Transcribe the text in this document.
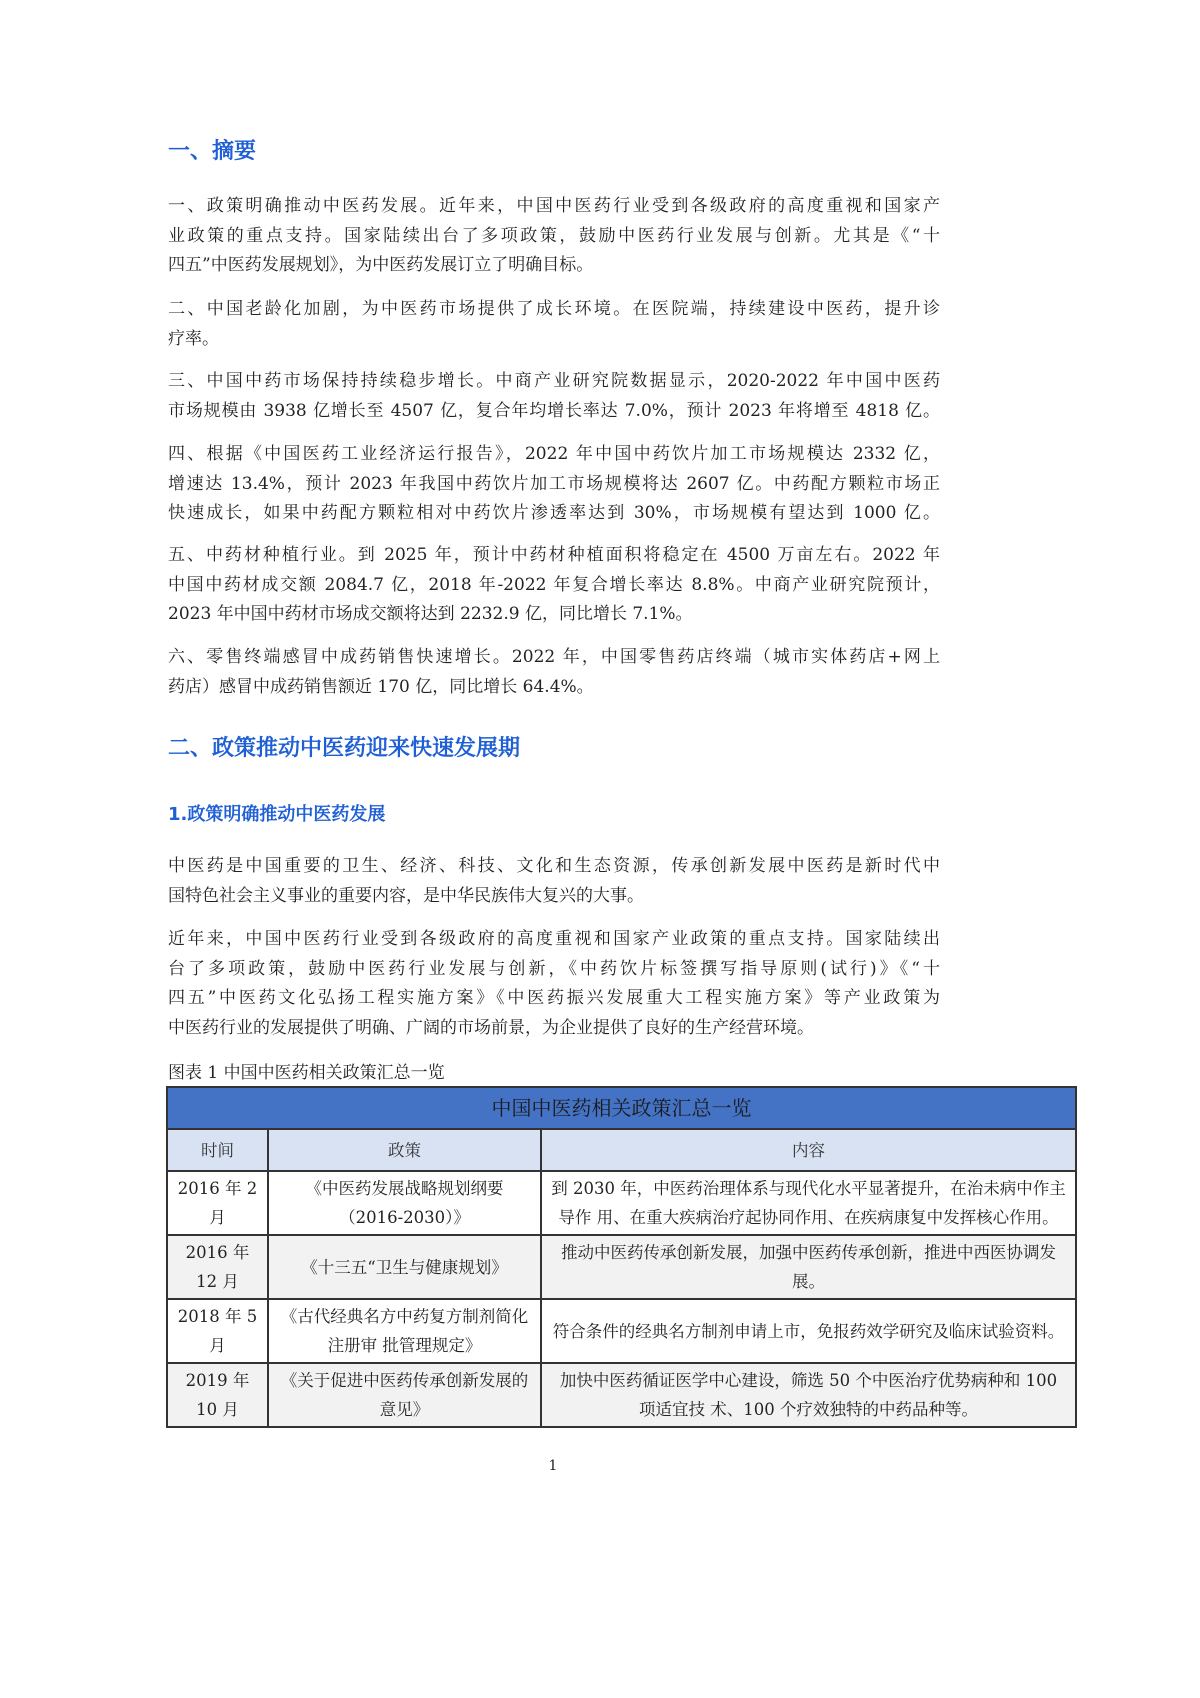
一、摘要
一、政策明确推动中医药发展。近年来，中国中医药行业受到各级政府的高度重视和国家产
业政策的重点支持。国家陆续出台了多项政策，鼓励中医药行业发展与创新。尤其是《“十
四五”中医药发展规划》，为中医药发展订立了明确目标。
二、中国老龄化加剧，为中医药市场提供了成长环境。在医院端，持续建设中医药，提升诊
疗率。
三、中国中药市场保持持续稳步增长。中商产业研究院数据显示，2020-2022 年中国中医药
市场规模由 3938 亿增长至 4507 亿，复合年均增长率达 7.0%，预计 2023 年将增至 4818 亿。
四、根据《中国医药工业经济运行报告》，2022 年中国中药饮片加工市场规模达 2332 亿，
增速达 13.4%，预计 2023 年我国中药饮片加工市场规模将达 2607 亿。中药配方颗粒市场正
快速成长，如果中药配方颗粒相对中药饮片渗透率达到 30%，市场规模有望达到 1000 亿。
五、中药材种植行业。到 2025 年，预计中药材种植面积将稳定在 4500 万亩左右。2022 年
中国中药材成交额 2084.7 亿，2018 年-2022 年复合增长率达 8.8%。中商产业研究院预计，
2023 年中国中药材市场成交额将达到 2232.9 亿，同比增长 7.1%。
六、零售终端感冒中成药销售快速增长。2022 年，中国零售药店终端（城市实体药店+网上
药店）感冒中成药销售额近 170 亿，同比增长 64.4%。
二、政策推动中医药迎来快速发展期
1.政策明确推动中医药发展
中医药是中国重要的卫生、经济、科技、文化和生态资源，传承创新发展中医药是新时代中
国特色社会主义事业的重要内容，是中华民族伟大复兴的大事。
近年来，中国中医药行业受到各级政府的高度重视和国家产业政策的重点支持。国家陆续出
台了多项政策，鼓励中医药行业发展与创新，《中药饮片标签撰写指导原则(试行)》《“十
四五”中医药文化弘扬工程实施方案》《中医药振兴发展重大工程实施方案》等产业政策为
中医药行业的发展提供了明确、广阔的市场前景，为企业提供了良好的生产经营环境。
图表 1 中国中医药相关政策汇总一览
中国中医药相关政策汇总一览		
时间	政策	内容
2016 年 2 月	《中医药发展战略规划纲要（2016-2030）》	到 2030 年，中医药治理体系与现代化水平显著提升，在治未病中作主导作 用、在重大疾病治疗起协同作用、在疾病康复中发挥核心作用。
2016 年 12 月	《十三五“卫生与健康规划》	推动中医药传承创新发展，加强中医药传承创新，推进中西医协调发展。
2018 年 5 月	《古代经典名方中药复方制剂简化注册审 批管理规定》	符合条件的经典名方制剂申请上市，免报药效学研究及临床试验资料。
2019 年 10 月	《关于促进中医药传承创新发展的意见》	加快中医药循证医学中心建设，筛选 50 个中医治疗优势病种和 100 项适宜技 术、100 个疗效独特的中药品种等。
1
